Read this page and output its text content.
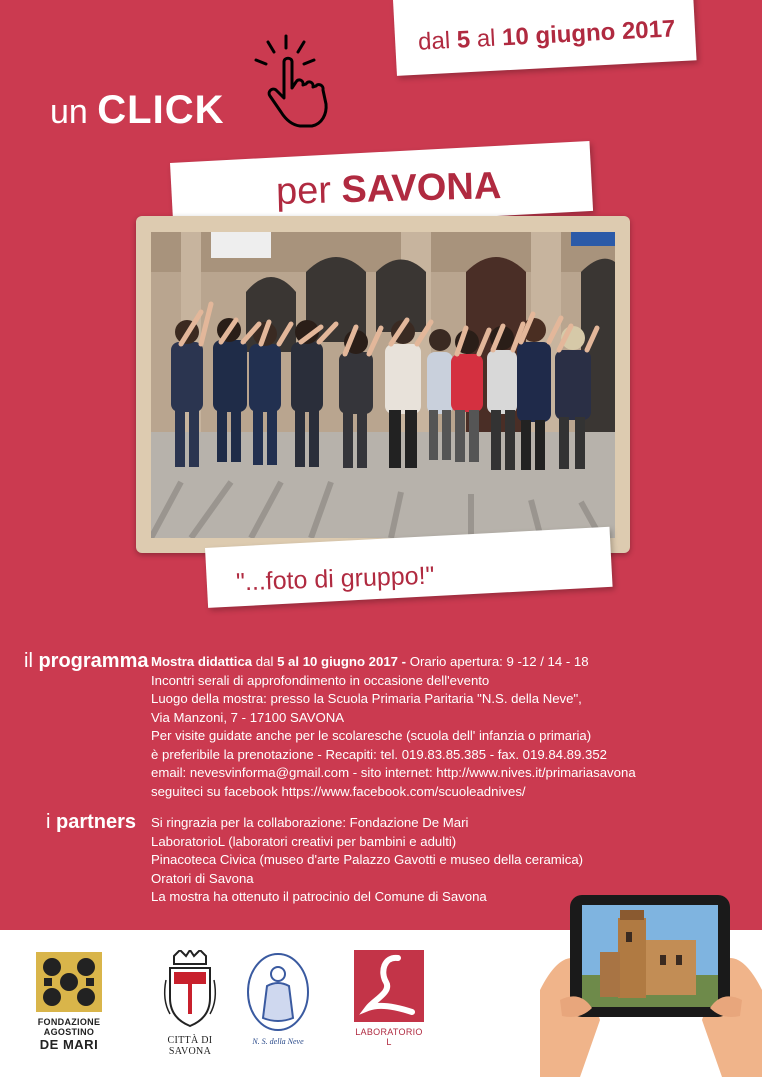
dal 5 al 10 giugno 2017
un CLICK
per SAVONA
"...foto di gruppo!"
il programma Mostra didattica dal 5 al 10 giugno 2017 - Orario apertura: 9 -12 / 14 - 18
Incontri serali di approfondimento in occasione dell'evento
Luogo della mostra: presso la Scuola Primaria Paritaria "N.S. della Neve",
Via Manzoni, 7 - 17100 SAVONA
Per visite guidate anche per le scolaresche (scuola dell' infanzia o primaria)
è preferibile la prenotazione - Recapiti: tel. 019.83.85.385 - fax. 019.84.89.352
email: nevesvinforma@gmail.com - sito internet: http://www.nives.it/primariasavona
seguiteci su facebook https://www.facebook.com/scuoleadnives/
i partners Si ringrazia per la collaborazione: Fondazione De Mari
LaboratorioL (laboratori creativi per bambini e adulti)
Pinacoteca Civica (museo d'arte Palazzo Gavotti e museo della ceramica)
Oratori di Savona
La mostra ha ottenuto il patrocinio del Comune di Savona
FONDAZIONE
AGOSTINO
DE MARI	CITTÀ DI SAVONA
N. S. della Neve
LABORATORIO L
